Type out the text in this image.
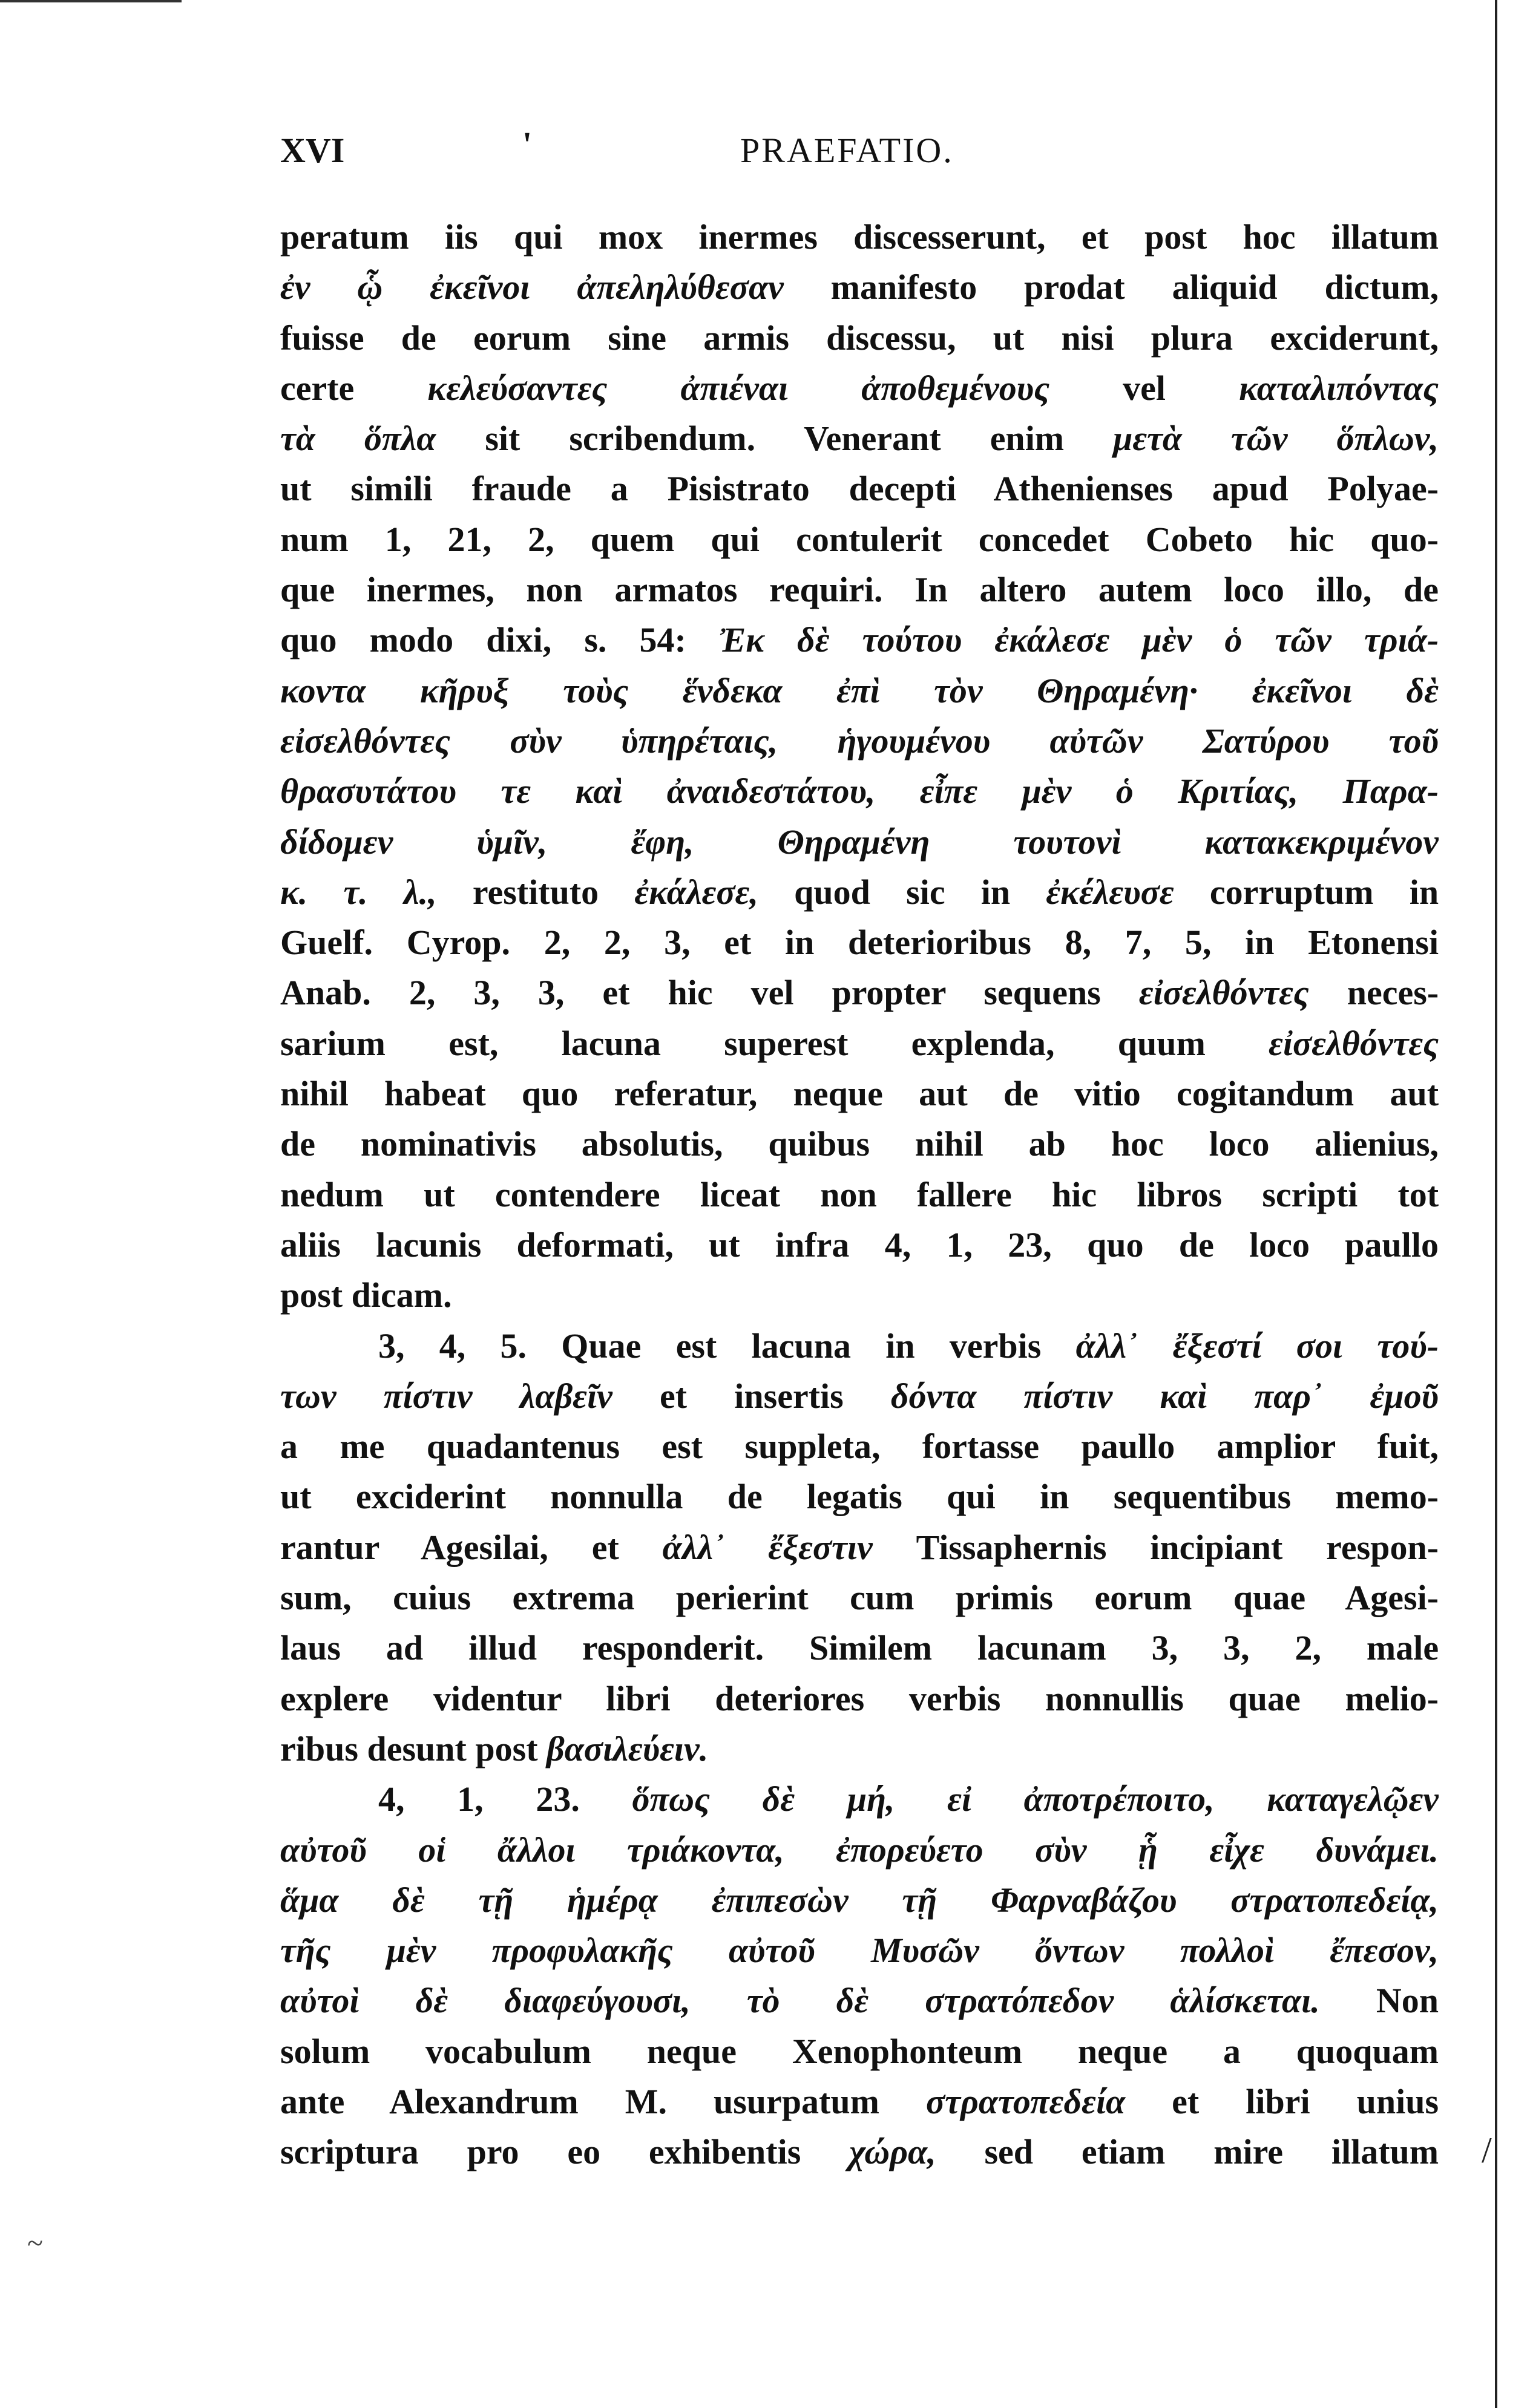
~
/
XVI	'	PRAEFATIO.
peratum iis qui mox inermes discesserunt, et post hoc illatum
ἐν ᾧ ἐκεῖνοι ἀπεληλύθεσαν manifesto prodat aliquid dictum,
fuisse de eorum sine armis discessu, ut nisi plura exciderunt,
certe κελεύσαντες ἀπιέναι ἀποθεμένους vel καταλιπόντας
τὰ ὅπλα sit scribendum. Venerant enim μετὰ τῶν ὅπλων,
ut simili fraude a Pisistrato decepti Athenienses apud Polyae-
num 1, 21, 2, quem qui contulerit concedet Cobeto hic quo-
que inermes, non armatos requiri. In altero autem loco illo, de
quo modo dixi, s. 54: Ἐκ δὲ τούτου ἐκάλεσε μὲν ὁ τῶν τριά-
κοντα κῆρυξ τοὺς ἕνδεκα ἐπὶ τὸν Θηραμένη· ἐκεῖνοι δὲ
εἰσελθόντες σὺν ὑπηρέταις, ἡγουμένου αὐτῶν Σατύρου τοῦ
θρασυτάτου τε καὶ ἀναιδεστάτου, εἶπε μὲν ὁ Κριτίας, Παρα-
δίδομεν ὑμῖν, ἔφη, Θηραμένη τουτονὶ κατακεκριμένον
κ. τ. λ., restituto ἐκάλεσε, quod sic in ἐκέλευσε corruptum in
Guelf. Cyrop. 2, 2, 3, et in deterioribus 8, 7, 5, in Etonensi
Anab. 2, 3, 3, et hic vel propter sequens εἰσελθόντες neces-
sarium est, lacuna superest explenda, quum εἰσελθόντες
nihil habeat quo referatur, neque aut de vitio cogitandum aut
de nominativis absolutis, quibus nihil ab hoc loco alienius,
nedum ut contendere liceat non fallere hic libros scripti tot
aliis lacunis deformati, ut infra 4, 1, 23, quo de loco paullo
post dicam.
3, 4, 5. Quae est lacuna in verbis ἀλλ᾽ ἔξεστί σοι τού-
των πίστιν λαβεῖν et insertis δόντα πίστιν καὶ παρ᾽ ἐμοῦ
a me quadantenus est suppleta, fortasse paullo amplior fuit,
ut exciderint nonnulla de legatis qui in sequentibus memo-
rantur Agesilai, et ἀλλ᾽ ἔξεστιν Tissaphernis incipiant respon-
sum, cuius extrema perierint cum primis eorum quae Agesi-
laus ad illud responderit. Similem lacunam 3, 3, 2, male
explere videntur libri deteriores verbis nonnullis quae melio-
ribus desunt post βασιλεύειν.
4, 1, 23. ὅπως δὲ μή, εἰ ἀποτρέποιτο, καταγελῷεν
αὐτοῦ οἱ ἄλλοι τριάκοντα, ἐπορεύετο σὺν ᾗ εἶχε δυνάμει.
ἅμα δὲ τῇ ἡμέρᾳ ἐπιπεσὼν τῇ Φαρναβάζου στρατοπεδείᾳ,
τῆς μὲν προφυλακῆς αὐτοῦ Μυσῶν ὄντων πολλοὶ ἔπεσον,
αὐτοὶ δὲ διαφεύγουσι, τὸ δὲ στρατόπεδον ἁλίσκεται. Non
solum vocabulum neque Xenophonteum neque a quoquam
ante Alexandrum M. usurpatum στρατοπεδεία et libri unius
scriptura pro eo exhibentis χώρα, sed etiam mire illatum
